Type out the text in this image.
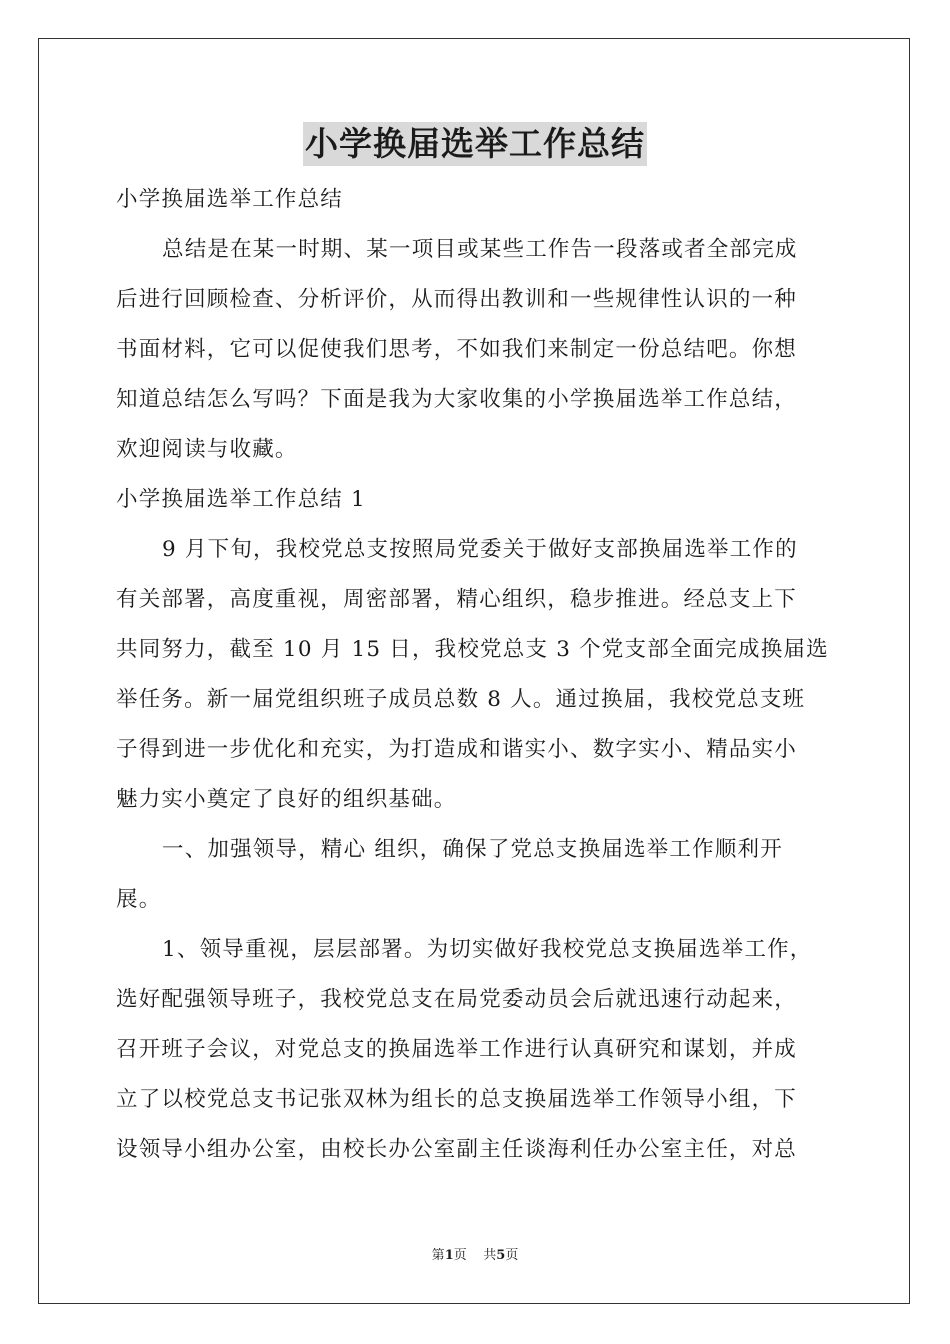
小学换届选举工作总结
小学换届选举工作总结
总结是在某一时期、某一项目或某些工作告一段落或者全部完成
后进行回顾检查、分析评价，从而得出教训和一些规律性认识的一种
书面材料，它可以促使我们思考，不如我们来制定一份总结吧。你想
知道总结怎么写吗？下面是我为大家收集的小学换届选举工作总结，
欢迎阅读与收藏。
小学换届选举工作总结 1
9 月下旬，我校党总支按照局党委关于做好支部换届选举工作的
有关部署，高度重视，周密部署，精心组织，稳步推进。经总支上下
共同努力，截至 10 月 15 日，我校党总支 3 个党支部全面完成换届选
举任务。新一届党组织班子成员总数 8 人。通过换届，我校党总支班
子得到进一步优化和充实，为打造成和谐实小、数字实小、精品实小
魅力实小奠定了良好的组织基础。
一、加强领导，精心 组织，确保了党总支换届选举工作顺利开
展。
1、领导重视，层层部署。为切实做好我校党总支换届选举工作，
选好配强领导班子，我校党总支在局党委动员会后就迅速行动起来，
召开班子会议，对党总支的换届选举工作进行认真研究和谋划，并成
立了以校党总支书记张双林为组长的总支换届选举工作领导小组，下
设领导小组办公室，由校长办公室副主任谈海利任办公室主任，对总
第1页    共5页
